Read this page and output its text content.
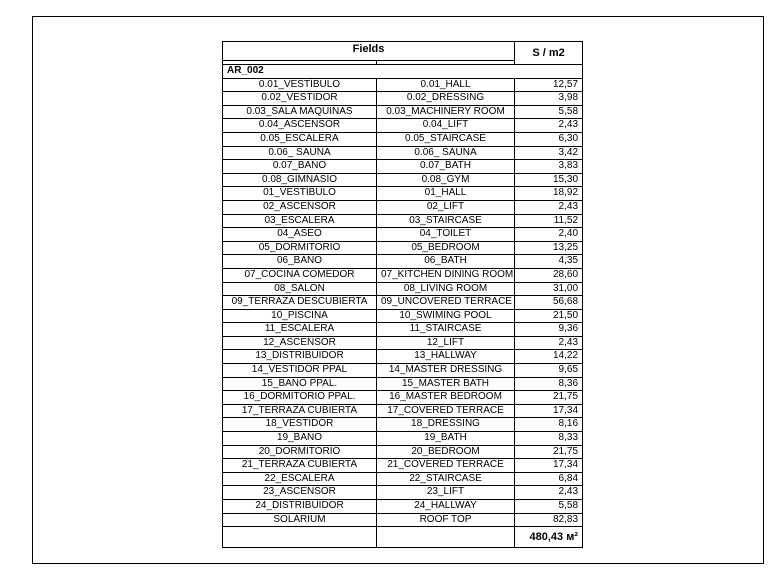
Fields		S / m2

AR_002		
0.01_VESTÍBULO	0.01_HALL	12,57
0.02_VESTIDOR	0.02_DRESSING	3,98
0.03_SALA MÁQUINAS	0.03_MACHINERY ROOM	5,58
0.04_ASCENSOR	0.04_LIFT	2,43
0.05_ESCALERA	0.05_STAIRCASE	6,30
0.06_ SAUNA	0.06_ SAUNA	3,42
0.07_BAÑO	0.07_BATH	3,83
0.08_GIMNASIO	0.08_GYM	15,30
01_VESTÍBULO	01_HALL	18,92
02_ASCENSOR	02_LIFT	2,43
03_ESCALERA	03_STAIRCASE	11,52
04_ASEO	04_TOILET	2,40
05_DORMITORIO	05_BEDROOM	13,25
06_BAÑO	06_BATH	4,35
07_COCINA COMEDOR	07_KITCHEN DINING ROOM	28,60
08_SALON	08_LIVING ROOM	31,00
09_TERRAZA DESCUBIERTA	09_UNCOVERED TERRACE	56,68
10_PISCINA	10_SWIMING POOL	21,50
11_ESCALERA	11_STAIRCASE	9,36
12_ASCENSOR	12_LIFT	2,43
13_DISTRIBUIDOR	13_HALLWAY	14,22
14_VESTIDOR PPAL	14_MASTER DRESSING	9,65
15_BAÑO PPAL.	15_MASTER BATH	8,36
16_DORMITORIO PPAL.	16_MASTER BEDROOM	21,75
17_TERRAZA CUBIERTA	17_COVERED TERRACE	17,34
18_VESTIDOR	18_DRESSING	8,16
19_BAÑO	19_BATH	8,33
20_DORMITORIO	20_BEDROOM	21,75
21_TERRAZA CUBIERTA	21_COVERED TERRACE	17,34
22_ESCALERA	22_STAIRCASE	6,84
23_ASCENSOR	23_LIFT	2,43
24_DISTRIBUIDOR	24_HALLWAY	5,58
SOLÁRIUM	ROOF TOP	82,83
		480,43 м²
